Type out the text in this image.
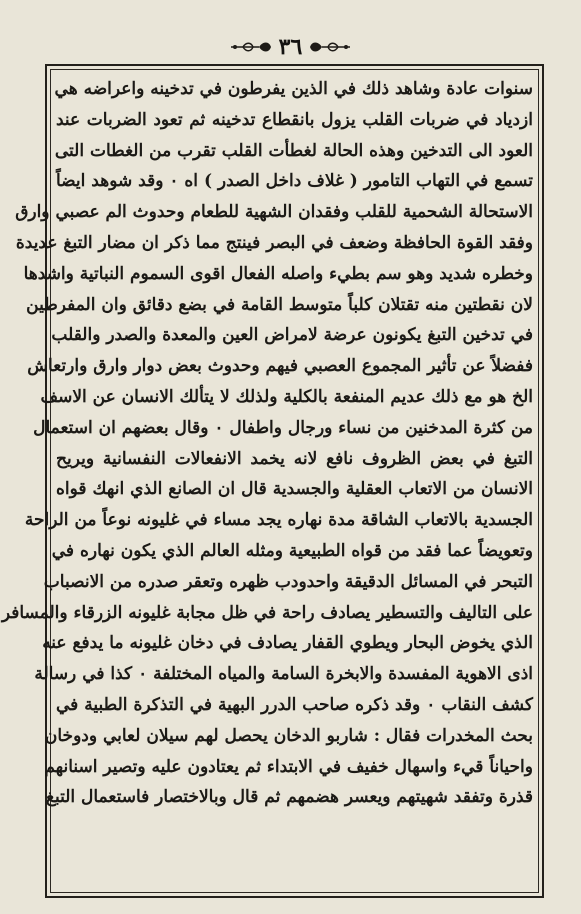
٣٦
سنوات عادة وشاهد ذلك في الذين يفرطون في تدخينه واعراضه هي
ازدياد في ضربات القلب يزول بانقطاع تدخينه ثم تعود الضربات عند
العود الى التدخين وهذه الحالة لغطأت القلب تقرب من الغطات التى
تسمع في التهاب التامور ( غلاف داخل الصدر ) اه ٠ وقد شوهد ايضاً
الاستحالة الشحمية للقلب وفقدان الشهية للطعام وحدوث الم عصبي وارق
وفقد القوة الحافظة وضعف في البصر فينتج مما ذكر ان مضار التبغ عديدة
وخطره شديد وهو سم بطيء واصله الفعال اقوى السموم النباتية واشدها
لان نقطتين منه تقتلان كلباً متوسط القامة في بضع دقائق وان المفرطين
في تدخين التبغ يكونون عرضة لامراض العين والمعدة والصدر والقلب
ففضلاً عن تأثير المجموع العصبي فيهم وحدوث بعض دوار وارق وارتعاش
الخ هو مع ذلك عديم المنفعة بالكلية ولذلك لا يتألك الانسان عن الاسف
من كثرة المدخنين من نساء ورجال واطفال ٠ وقال بعضهم ان استعمال
التبغ في بعض الظروف نافع لانه يخمد الانفعالات النفسانية ويريح
الانسان من الاتعاب العقلية والجسدية قال ان الصانع الذي انهك قواه
الجسدية بالاتعاب الشاقة مدة نهاره يجد مساء في غليونه نوعاً من الراحة
وتعويضاً عما فقد من قواه الطبيعية ومثله العالم الذي يكون نهاره في
التبحر في المسائل الدقيقة واحدودب ظهره وتعقر صدره من الانصباب
على التاليف والتسطير يصادف راحة في ظل مجابة غليونه الزرقاء والمسافر
الذي يخوض البحار ويطوي القفار يصادف في دخان غليونه ما يدفع عنه
اذى الاهوية المفسدة والابخرة السامة والمياه المختلفة ٠ كذا في رسالة
كشف النقاب ٠ وقد ذكره صاحب الدرر البهية في التذكرة الطبية في
بحث المخدرات فقال : شاربو الدخان يحصل لهم سيلان لعابي ودوخان
واحياناً قيء واسهال خفيف في الابتداء ثم يعتادون عليه وتصير اسنانهم
قذرة وتفقد شهيتهم ويعسر هضمهم ثم قال وبالاختصار فاستعمال التبغ
